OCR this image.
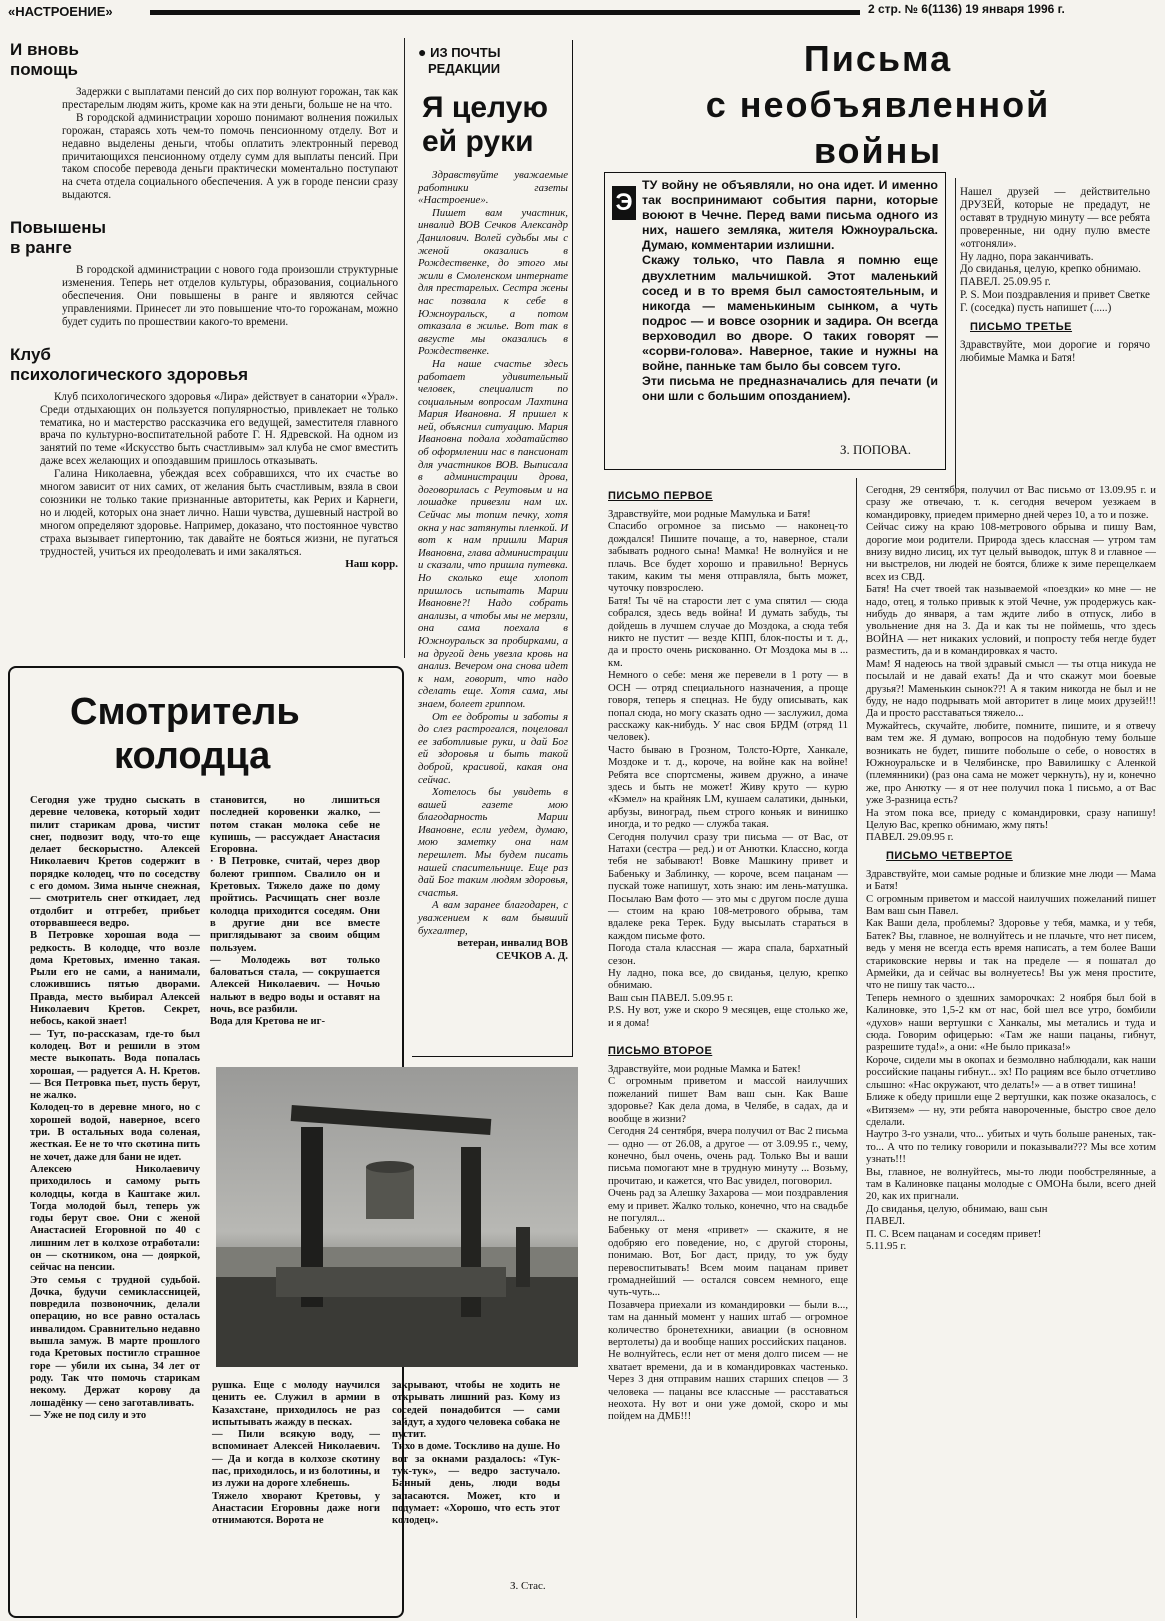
«НАСТРОЕНИЕ»	2 стр. № 6(1136) 19 января 1996 г.
И вновь
помощь

Задержки с выплатами пенсий до сих пор волнуют горожан, так как престарелым людям жить, кроме как на эти деньги, больше не на что.

В городской администрации хорошо понимают волнения пожилых горожан, стараясь хоть чем-то помочь пенсионному отделу. Вот и недавно выделены деньги, чтобы оплатить электронный перевод причитающихся пенсионному отделу сумм для выплаты пенсий. При таком способе перевода деньги практически моментально поступают на счета отдела социального обеспечения. А уж в городе пенсии сразу выдаются.

Повышены
в ранге

В городской администрации с нового года произошли структурные изменения. Теперь нет отделов культуры, образования, социального обеспечения. Они повышены в ранге и являются сейчас управлениями. Принесет ли это повышение что-то горожанам, можно будет судить по прошествии какого-то времени.

Клуб
психологического здоровья

Клуб психологического здоровья «Лира» действует в санатории «Урал». Среди отдыхающих он пользуется популярностью, привлекает не только тематика, но и мастерство рассказчика его ведущей, заместителя главного врача по культурно-воспитательной работе Г. Н. Ядревской. На одном из занятий по теме «Искусство быть счастливым» зал клуба не смог вместить даже всех желающих и опоздавшим пришлось отказывать.

Галина Николаевна, убеждая всех собравшихся, что их счастье во многом зависит от них самих, от желания быть счастливым, взяла в свои союзники не только такие признанные авторитеты, как Рерих и Карнеги, но и людей, которых она знает лично. Наши чувства, душевный настрой во многом определяют здоровье. Например, доказано, что постоянное чувство страха вызывает гипертонию, так давайте не бояться жизни, не пугаться трудностей, учиться их преодолевать и ими закаляться.

Наш корр.
● ИЗ ПОЧТЫ
РЕДАКЦИИ
Я целую
ей руки

Здравствуйте уважаемые работники газеты «Настроение».

Пишет вам участник, инвалид ВОВ Сечков Александр Данилович. Волей судьбы мы с женой оказались в Рождественке, до этого мы жили в Смоленском интернате для престарелых. Сестра жены нас позвала к себе в Южноуральск, а потом отказала в жилье. Вот так в августе мы оказались в Рождественке.

На наше счастье здесь работает удивительный человек, специалист по социальным вопросам Лахтина Мария Ивановна. Я пришел к ней, объяснил ситуацию. Мария Ивановна подала ходатайство об оформлении нас в пансионат для участников ВОВ. Выписала в администрации дрова, договорилась с Реутовым и на лошадке привезли нам их. Сейчас мы топим печку, хотя окна у нас затянуты пленкой. И вот к нам пришли Мария Ивановна, глава администрации и сказали, что пришла путевка. Но сколько еще хлопот пришлось испытать Марии Ивановне?! Надо собрать анализы, а чтобы мы не мерзли, она сама поехала в Южноуральск за пробирками, а на другой день увезла кровь на анализ. Вечером она снова идет к нам, говорит, что надо сделать еще. Хотя сама, мы знаем, болеет гриппом.

От ее доброты и заботы я до слез растрогался, поцеловал ее заботливые руки, и дай Бог ей здоровья и быть такой доброй, красивой, какая она сейчас.

Хотелось бы увидеть в вашей газете мою благодарность Марии Ивановне, если уедем, думаю, мою заметку она нам перешлет. Мы будем писать нашей спасительнице. Еще раз дай Бог таким людям здоровья, счастья.

А вам заранее благодарен, с уважением к вам бывший бухгалтер,

ветеран, инвалид ВОВ СЕЧКОВ А. Д.
Смотритель
колодца
Сегодня уже трудно сыскать в деревне человека, который ходит пилит старикам дрова, чистит снег, подвозит воду, что-то еще делает бескорыстно. Алексей Николаевич Кретов содержит в порядке колодец, что по соседству с его домом. Зима нынче снежная, — смотритель снег откидает, лед отдолбит и отгребет, прибьет оторвавшееся ведро.
В Петровке хорошая вода — редкость. В колодце, что возле дома Кретовых, именно такая. Рыли его не сами, а нанимали, сложившись пятью дворами. Правда, место выбирал Алексей Николаевич Кретов. Секрет, небось, какой знает!
— Тут, по-рассказам, где-то был колодец. Вот и решили в этом месте выкопать. Вода попалась хорошая, — радуется А. Н. Кретов. — Вся Петровка пьет, пусть берут, не жалко.
Колодец-то в деревне много, но с хорошей водой, наверное, всего три. В остальных вода соленая, жесткая. Ее не то что скотина пить не хочет, даже для бани не идет.
Алексею Николаевичу приходилось и самому рыть колодцы, когда в Каштаке жил. Тогда молодой был, теперь уж годы берут свое. Они с женой Анастасией Егоровной по 40 с лишним лет в колхозе отработали: он — скотником, она — дояркой, сейчас на пенсии.
Это семья с трудной судьбой. Дочка, будучи семиклассницей, повредила позвоночник, делали операцию, но все равно осталась инвалидом. Сравнительно недавно вышла замуж. В марте прошлого года Кретовых постигло страшное горе — убили их сына, 34 лет от роду. Так что помочь старикам некому. Держат корову да лошадёнку — сено заготавливать.
— Уже не под силу и это
становится, но лишиться последней коровенки жалко, — потом стакан молока себе не купишь, — рассуждает Анастасия Егоровна.
· В Петровке, считай, через двор болеют гриппом. Свалило он и Кретовых. Тяжело даже по дому пройтись. Расчищать снег возле колодца приходится соседям. Они в другие дни все вместе приглядывают за своим общим пользуем.
— Молодежь вот только баловаться стала, — сокрушается Алексей Николаевич. — Ночью нальют в ведро воды и оставят на ночь, все разбили.
Вода для Кретова не иг-
рушка. Еще с молоду научился ценить ее. Служил в армии в Казахстане, приходилось не раз испытывать жажду в песках.
— Пили всякую воду, — вспоминает Алексей Николаевич. — Да и когда в колхозе скотину пас, приходилось, и из болотины, и из лужи на дороге хлебнешь.
Тяжело хворают Кретовы, у Анастасии Егоровны даже ноги отнимаются. Ворота не
закрывают, чтобы не ходить не открывать лишний раз. Кому из соседей понадобится — сами зайдут, а худого человека собака не пустит.
Тихо в доме. Тоскливо на душе. Но вот за окнами раздалось: «Тук-тук-тук», — ведро застучало. Банный день, люди воды запасаются. Может, кто и подумает: «Хорошо, что есть этот колодец».
З. Стас.
Письма
с необъявленной
войны
Э
ТУ войну не объявляли, но она идет. И именно так воспринимают события парни, которые воюют в Чечне. Перед вами письма одного из них, нашего земляка, жителя Южноуральска. Думаю, комментарии излишни.
Скажу только, что Павла я помню еще двухлетним мальчишкой. Этот маленький сосед и в то время был самостоятельным, и никогда — маменькиным сынком, а чуть подрос — и вовсе озорник и задира. Он всегда верховодил во дворе. О таких говорят — «сорви-голова». Наверное, такие и нужны на войне, панньке там было бы совсем туго.
Эти письма не предназначались для печати (и они шли с большим опозданием).
З. ПОПОВА.
Нашел друзей — действительно ДРУЗЕЙ, которые не предадут, не оставят в трудную минуту — все ребята проверенные, ни одну пулю вместе «отгоняли».
Ну ладно, пора заканчивать.
До свиданья, целую, крепко обнимаю.
ПАВЕЛ. 25.09.95 г.
Р. S. Мои поздравления и привет Светке Г. (соседка) пусть напишет (.....)
ПИСЬМО ТРЕТЬЕ
Здравствуйте, мои дорогие и горячо любимые Мамка и Батя!
ПИСЬМО ПЕРВОЕ
Здравствуйте, мои родные Мамулька и Батя!
Спасибо огромное за письмо — наконец-то дождался! Пишите почаще, а то, наверное, стали забывать родного сына! Мамка! Не волнуйся и не плачь. Все будет хорошо и правильно! Вернусь таким, каким ты меня отправляла, быть может, чуточку повзрослею.
Батя! Ты чё на старости лет с ума спятил — сюда собрался, здесь ведь война! И думать забудь, ты дойдешь в лучшем случае до Моздока, а сюда тебя никто не пустит — везде КПП, блок-посты и т. д., да и просто очень рискованно. От Моздока мы в ... км.
Немного о себе: меня же перевели в 1 роту — в ОСН — отряд специального назначения, а проще говоря, теперь я спецназ. Не буду описывать, как попал сюда, но могу сказать одно — заслужил, дома расскажу как-нибудь. У нас своя БРДМ (отряд 11 человек).
Часто бываю в Грозном, Толсто-Юрте, Ханкале, Моздоке и т. д., короче, на войне как на войне! Ребята все спортсмены, живем дружно, а иначе здесь и быть не может! Живу круто — курю «Кэмел» на крайняк LM, кушаем салатики, дыньки, арбузы, виноград, пьем строго коньяк и винишко иногда, и то редко — служба такая.
Сегодня получил сразу три письма — от Вас, от Натахи (сестра — ред.) и от Анютки. Классно, когда тебя не забывают! Вовке Машкину привет и Бабеньку и Заблинку, — короче, всем пацанам — пускай тоже напишут, хоть знаю: им лень-матушка. Посылаю Вам фото — это мы с другом после душа — стоим на краю 108-метрового обрыва, там вдалеке река Терек. Буду высылать стараться в каждом письме фото.
Погода стала классная — жара спала, бархатный сезон.
Ну ладно, пока все, до свиданья, целую, крепко обнимаю.
Ваш сын ПАВЕЛ. 5.09.95 г.
P.S. Ну вот, уже и скоро 9 месяцев, еще столько же, и я дома!
ПИСЬМО ВТОРОЕ
Здравствуйте, мои родные Мамка и Батек!
С огромным приветом и массой наилучших пожеланий пишет Вам ваш сын. Как Ваше здоровье? Как дела дома, в Челябе, в садах, да и вообще в жизни?
Сегодня 24 сентября, вчера получил от Вас 2 письма — одно — от 26.08, а другое — от 3.09.95 г., чему, конечно, был очень, очень рад. Только Вы и ваши письма помогают мне в трудную минуту ... Возьму, прочитаю, и кажется, что Вас увидел, поговорил.
Очень рад за Алешку Захарова — мои поздравления ему и привет. Жалко только, конечно, что на свадьбе не погулял...
Бабеньку от меня «привет» — скажите, я не одобряю его поведение, но, с другой стороны, понимаю. Вот, Бог даст, приду, то уж буду перевоспитывать! Всем моим пацанам привет громаднейший — остался совсем немного, еще чуть-чуть...
Позавчера приехали из командировки — были в..., там на данный момент у наших штаб — огромное количество бронетехники, авиации (в основном вертолеты) да и вообще наших российских пацанов.
Не волнуйтесь, если нет от меня долго писем — не хватает времени, да и в командировках частенько. Через 3 дня отправим наших старших спецов — 3 человека — пацаны все классные — расставаться неохота. Ну вот и они уже домой, скоро и мы пойдем на ДМБ!!!
Сегодня, 29 сентября, получил от Вас письмо от 13.09.95 г. и сразу же отвечаю, т. к. сегодня вечером уезжаем в командировку, приедем примерно дней через 10, а то и позже.
Сейчас сижу на краю 108-метрового обрыва и пишу Вам, дорогие мои родители. Природа здесь классная — утром там внизу видно лисиц, их тут целый выводок, штук 8 и главное — ни выстрелов, ни людей не боятся, ближе к зиме перещелкаем всех из СВД.
Батя! На счет твоей так называемой «поездки» ко мне — не надо, отец, я только привык к этой Чечне, уж продержусь как-нибудь до января, а там ждите либо в отпуск, либо в увольнение дня на 3. Да и как ты не поймешь, что здесь ВОЙНА — нет никаких условий, и попросту тебя негде будет разместить, да и в командировках я часто.
Мам! Я надеюсь на твой здравый смысл — ты отца никуда не посылай и не давай ехать! Да и что скажут мои боевые друзья?! Маменькин сынок??! А я таким никогда не был и не буду, не надо подрывать мой авторитет в лице моих друзей!!! Да и просто расставаться тяжело...
Мужайтесь, скучайте, любите, помните, пишите, и я отвечу вам тем же. Я думаю, вопросов на подобную тему больше возникать не будет, пишите побольше о себе, о новостях в Южноуральске и в Челябинске, про Вавилишку с Аленкой (племянники) (раз она сама не может черкнуть), ну и, конечно же, про Анютку — я от нее получил пока 1 письмо, а от Вас уже 3-разница есть?
На этом пока все, приеду с командировки, сразу напишу! Целую Вас, крепко обнимаю, жму пять!
ПАВЕЛ. 29.09.95 г.
ПИСЬМО ЧЕТВЕРТОЕ
Здравствуйте, мои самые родные и близкие мне люди — Мама и Батя!
С огромным приветом и массой наилучших пожеланий пишет Вам ваш сын Павел.
Как Ваши дела, проблемы? Здоровье у тебя, мамка, и у тебя, Батек? Вы, главное, не волнуйтесь и не плачьте, что нет писем, ведь у меня не всегда есть время написать, а тем более Ваши стариковские нервы и так на пределе — я пошатал до Армейки, да и сейчас вы волнуетесь! Вы уж меня простите, что не пишу так часто...
Теперь немного о здешних заморочках: 2 ноября был бой в Калиновке, это 1,5-2 км от нас, бой шел все утро, бомбили «духов» наши вертушки с Ханкалы, мы метались и туда и сюда. Говорим офицерью: «Там же наши пацаны, гибнут, разрешите туда!», а они: «Не было приказа!»
Короче, сидели мы в окопах и безмолвно наблюдали, как наши российские пацаны гибнут... эх! По рациям все было отчетливо слышно: «Нас окружают, что делать!» — а в ответ тишина!
Ближе к обеду пришли еще 2 вертушки, как позже оказалось, с «Витязем» — ну, эти ребята навороченные, быстро свое дело сделали.
Наутро 3-го узнали, что... убитых и чуть больше раненых, так-то... А что по телику говорили и показывали??? Мы все хотим узнать!!!
Вы, главное, не волнуйтесь, мы-то люди пообстрелянные, а там в Калиновке пацаны молодые с ОМОНа были, всего дней 20, как их пригнали.
До свиданья, целую, обнимаю, ваш сын
ПАВЕЛ.
П. С. Всем пацанам и соседям привет!
5.11.95 г.
